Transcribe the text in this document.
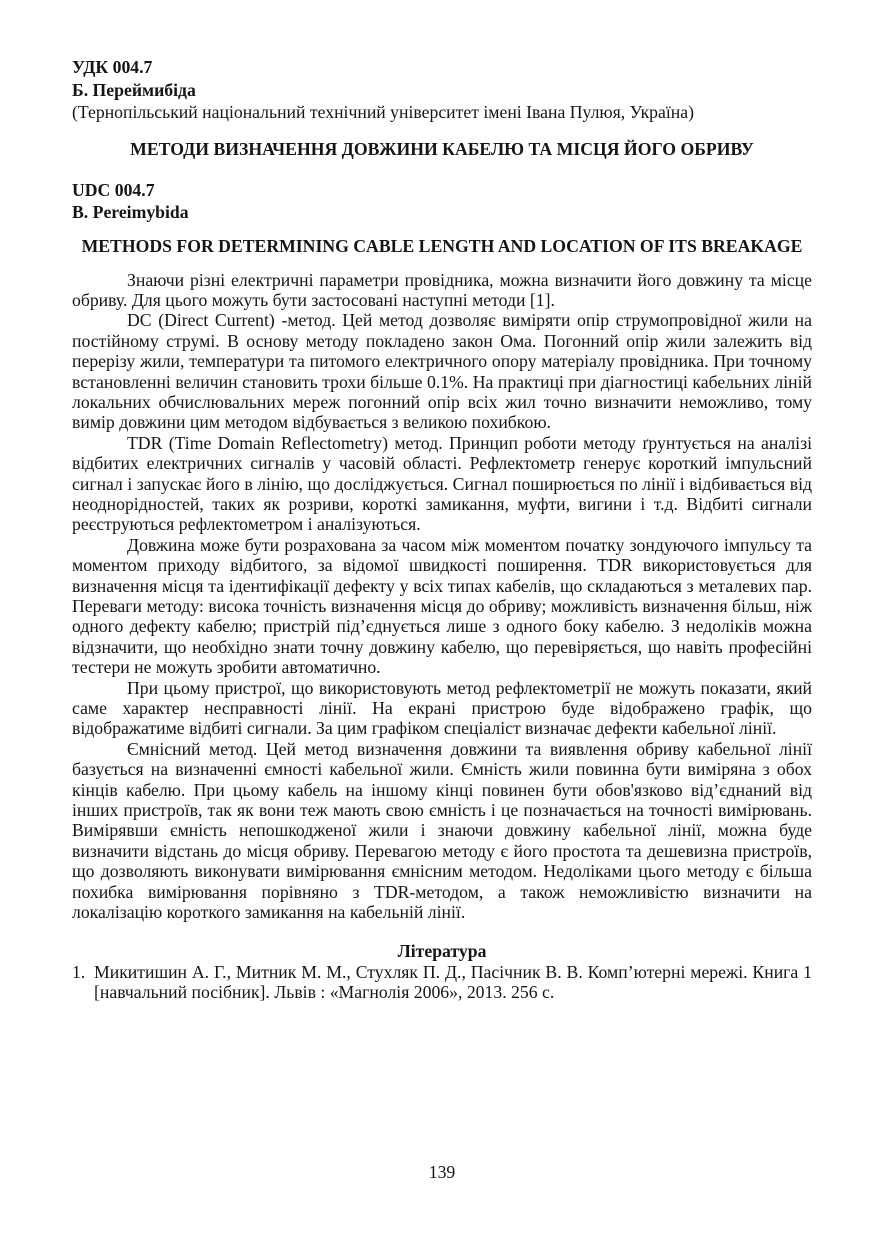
УДК 004.7
Б. Переймибіда
(Тернопільський національний технічний університет імені Івана Пулюя, Україна)
МЕТОДИ ВИЗНАЧЕННЯ ДОВЖИНИ КАБЕЛЮ ТА МІСЦЯ ЙОГО ОБРИВУ
UDC 004.7
B. Pereimybida
METHODS FOR DETERMINING CABLE LENGTH AND LOCATION OF ITS BREAKAGE

Знаючи різні електричні параметри провідника, можна визначити його довжину та місце обриву. Для цього можуть бути застосовані наступні методи [1].

DC (Direct Current) -метод. Цей метод дозволяє виміряти опір струмопровідної жили на постійному струмі. В основу методу покладено закон Ома. Погонний опір жили залежить від перерізу жили, температури та питомого електричного опору матеріалу провідника. При точному встановленні величин становить трохи більше 0.1%. На практиці при діагностиці кабельних ліній локальних обчислювальних мереж погонний опір всіх жил точно визначити неможливо, тому вимір довжини цим методом відбувається з великою похибкою.

TDR (Time Domain Reflectometry) метод. Принцип роботи методу ґрунтується на аналізі відбитих електричних сигналів у часовій області. Рефлектометр генерує короткий імпульсний сигнал і запускає його в лінію, що досліджується. Сигнал поширюється по лінії і відбивається від неоднорідностей, таких як розриви, короткі замикання, муфти, вигини і т.д. Відбиті сигнали реєструються рефлектометром і аналізуються.

Довжина може бути розрахована за часом між моментом початку зондуючого імпульсу та моментом приходу відбитого, за відомої швидкості поширення. TDR використовується для визначення місця та ідентифікації дефекту у всіх типах кабелів, що складаються з металевих пар. Переваги методу: висока точність визначення місця до обриву; можливість визначення більш, ніж одного дефекту кабелю; пристрій під’єднується лише з одного боку кабелю. З недоліків можна відзначити, що необхідно знати точну довжину кабелю, що перевіряється, що навіть професійні тестери не можуть зробити автоматично.

При цьому пристрої, що використовують метод рефлектометрії не можуть показати, який саме характер несправності лінії. На екрані пристрою буде відображено графік, що відображатиме відбиті сигнали. За цим графіком спеціаліст визначає дефекти кабельної лінії.

Ємнісний метод. Цей метод визначення довжини та виявлення обриву кабельної лінії базується на визначенні ємності кабельної жили. Ємність жили повинна бути виміряна з обох кінців кабелю. При цьому кабель на іншому кінці повинен бути обов'язково від’єднаний від інших пристроїв, так як вони теж мають свою ємність і це позначається на точності вимірювань. Вимірявши ємність непошкодженої жили і знаючи довжину кабельної лінії, можна буде визначити відстань до місця обриву. Перевагою методу є його простота та дешевизна пристроїв, що дозволяють виконувати вимірювання ємнісним методом. Недоліками цього методу є більша похибка вимірювання порівняно з TDR-методом, а також неможливістю визначити на локалізацію короткого замикання на кабельній лінії.

Література
1. Микитишин А. Г., Митник М. М., Стухляк П. Д., Пасічник В. В. Комп’ютерні мережі. Книга 1 [навчальний посібник]. Львів : «Магнолія 2006», 2013. 256 с.
139
